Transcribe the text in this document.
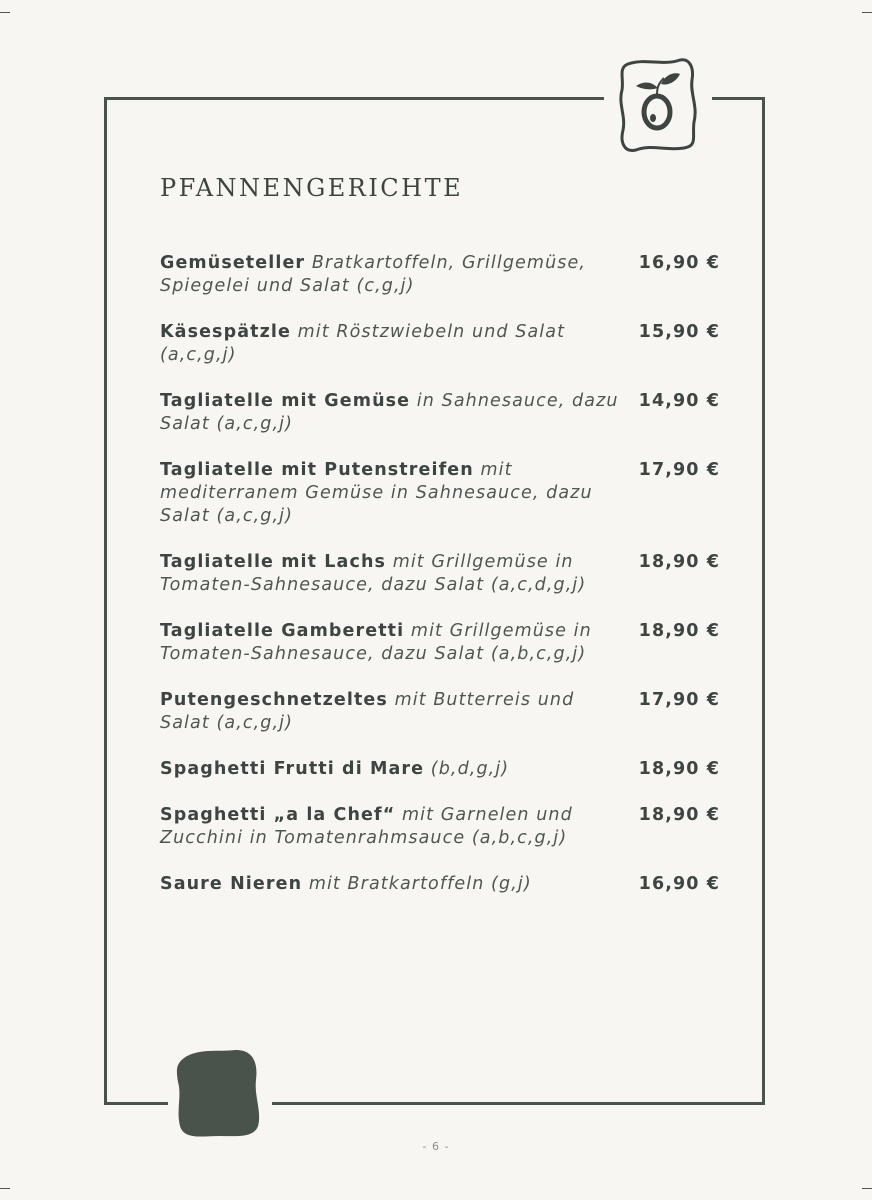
PFANNENGERICHTE
Gemüseteller Bratkartoffeln, Grillgemüse, Spiegelei und Salat (c,g,j)
16,90 €
Käsespätzle mit Röstzwiebeln und Salat (a,c,g,j)
15,90 €
Tagliatelle mit Gemüse in Sahnesauce, dazu Salat (a,c,g,j)
14,90 €
Tagliatelle mit Putenstreifen mit mediterranem Gemüse in Sahnesauce, dazu Salat (a,c,g,j)
17,90 €
Tagliatelle mit Lachs mit Grillgemüse in Tomaten-Sahnesauce, dazu Salat (a,c,d,g,j)
18,90 €
Tagliatelle Gamberetti mit Grillgemüse in Tomaten-Sahnesauce, dazu Salat (a,b,c,g,j)
18,90 €
Putengeschnetzeltes mit Butterreis und Salat (a,c,g,j)
17,90 €
Spaghetti Frutti di Mare (b,d,g,j)	18,90 €
Spaghetti „a la Chef“ mit Garnelen und Zucchini in Tomatenrahmsauce (a,b,c,g,j)
18,90 €
Saure Nieren mit Bratkartoffeln (g,j)	16,90 €
- 6 -
